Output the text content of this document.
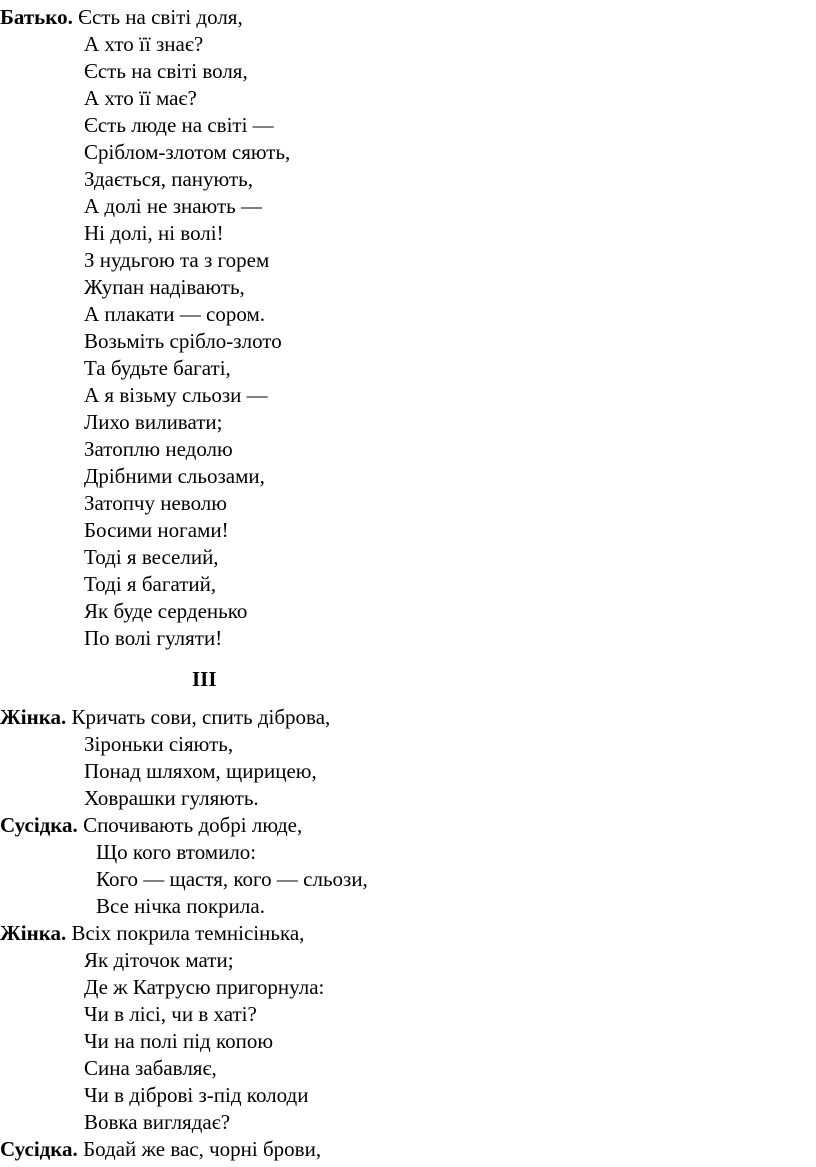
Батько. Єсть на світі доля,
А хто її знає?
Єсть на світі воля,
А хто її має?
Єсть люде на світі —
Сріблом-злотом сяють,
Здається, панують,
А долі не знають —
Ні долі, ні волі!
З нудьгою та з горем
Жупан надівають,
А плакати — сором.
Возьміть срібло-злото
Та будьте багаті,
А я візьму сльози —
Лихо виливати;
Затоплю недолю
Дрібними сльозами,
Затопчу неволю
Босими ногами!
Тоді я веселий,
Тоді я багатий,
Як буде серденько
По волі гуляти!
ІІІ
Жінка. Кричать сови, спить діброва,
Зіроньки сіяють,
Понад шляхом, щирицею,
Ховрашки гуляють.
Сусідка. Спочивають добрі люде,
Що кого втомило:
Кого — щастя, кого — сльози,
Все нічка покрила.
Жінка. Всіх покрила темнісінька,
Як діточок мати;
Де ж Катрусю пригорнула:
Чи в лісі, чи в хаті?
Чи на полі під копою
Сина забавляє,
Чи в діброві з-під колоди
Вовка виглядає?
Сусідка. Бодай же вас, чорні брови,
